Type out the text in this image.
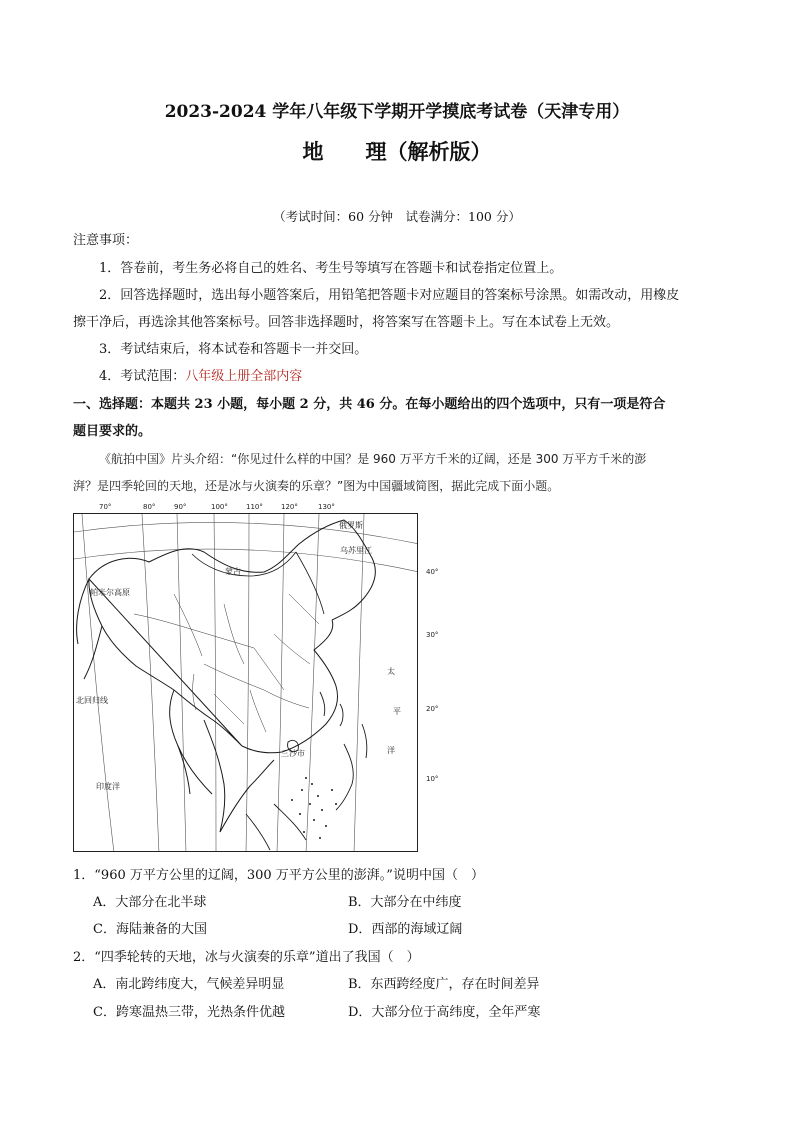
2023-2024 学年八年级下学期开学摸底考试卷（天津专用）
地 理（解析版）
（考试时间：60 分钟　试卷满分：100 分）
注意事项：
1．答卷前，考生务必将自己的姓名、考生号等填写在答题卡和试卷指定位置上。
2．回答选择题时，选出每小题答案后，用铅笔把答题卡对应题目的答案标号涂黑。如需改动，用橡皮
擦干净后，再选涂其他答案标号。回答非选择题时，将答案写在答题卡上。写在本试卷上无效。
3．考试结束后，将本试卷和答题卡一并交回。
4．考试范围：八年级上册全部内容
一、选择题：本题共 23 小题，每小题 2 分，共 46 分。在每小题给出的四个选项中，只有一项是符合
题目要求的。
《航拍中国》片头介绍：“你见过什么样的中国？是 960 万平方千米的辽阔，还是 300 万平方千米的澎
湃？是四季轮回的天地，还是冰与火演奏的乐章？”图为中国疆域简图，据此完成下面小题。
70°	80°	90°	100°	110°	120°	130°
俄罗斯
乌苏里江
蒙古
帕米尔高原
太
平
洋
北回归线
印度洋
三沙市
40°
30°
20°
10°
1．“960 万平方公里的辽阔，300 万平方公里的澎湃。”说明中国（　）
A．大部分在北半球	B．大部分在中纬度
C．海陆兼备的大国	D．西部的海域辽阔
2．“四季轮转的天地，冰与火演奏的乐章”道出了我国（　）
A．南北跨纬度大，气候差异明显	B．东西跨经度广，存在时间差异
C．跨寒温热三带，光热条件优越	D．大部分位于高纬度，全年严寒
